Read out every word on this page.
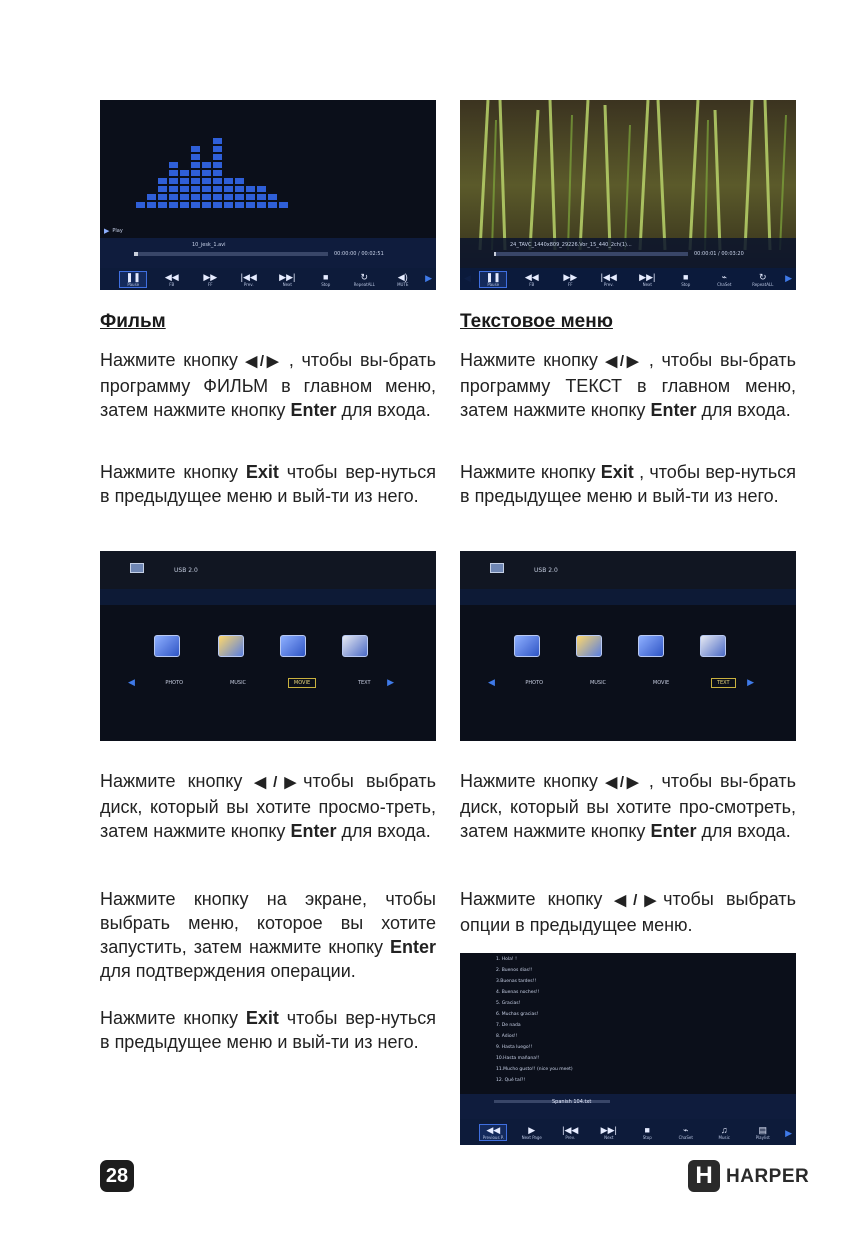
▶ Play
10_jesk_1.avi
00:00:00 / 00:02:51
❚❚
Pause
◀◀
FB
▶▶
FF
|◀◀
Prev.
▶▶|
Next
■
Stop
↻
RepeatALL
◀)
MUTE
▶
24_TAVC_1440x809_29226.Vor_15_440_2ch(1)...
00:00:01 / 00:03:20
❚❚
Pause
◀◀
FB
▶▶
FF
|◀◀
Prev.
▶▶|
Next
■
Stop
⌁
ChaSet
↻
RepeatALL
▶
Фильм	Текстовое меню

Нажмите кнопку ◀/▶ , чтобы вы-брать программу ФИЛЬМ в главном меню, затем нажмите кнопку Enter для входа.

Нажмите кнопку Exit чтобы вер-нуться в предыдущее меню и вый-ти из него.

Нажмите кнопку ◀/▶ , чтобы вы-брать программу ТЕКСТ в главном меню, затем нажмите кнопку Enter для входа.

Нажмите кнопку Exit , чтобы вер-нуться в предыдущее меню и вый-ти из него.

USB 2.0
◀	PHOTO	MUSIC	MOVIE	TEXT	▶
USB 2.0
◀	PHOTO	MUSIC	MOVIE	TEXT	▶

Нажмите кнопку ◀/▶чтобы выбрать диск, который вы хотите просмо-треть, затем нажмите кнопку Enter для входа.

Нажмите кнопку на экране, чтобы выбрать меню, которое вы хотите запустить, затем нажмите кнопку Enter для подтверждения операции.

Нажмите кнопку Exit чтобы вер-нуться в предыдущее меню и вый-ти из него.

Нажмите кнопку ◀/▶ , чтобы вы-брать диск, который вы хотите про-смотреть, затем нажмите кнопку Enter для входа.

Нажмите кнопку ◀/▶чтобы выбрать опции в предыдущее меню.

1. Hola! !
2. Buenos dias!!
3.Buenas tardes!!
4. Buenas noches!!
5. Gracias!
6. Muchas gracias!
7. De nada
8. Adios!!
9. Hasta luego!!
10.Hasta mañana!!
11.Mucho gusto!! (nice you meet)
12. Qué tal?!
Spanish 104.txt
◀◀
Previous P.
▶
Next Page
|◀◀
Prev.
▶▶|
Next
■
Stop
⌁
ChaSet
♫
Music
▤
Playlist ▶
28	H HARPER
